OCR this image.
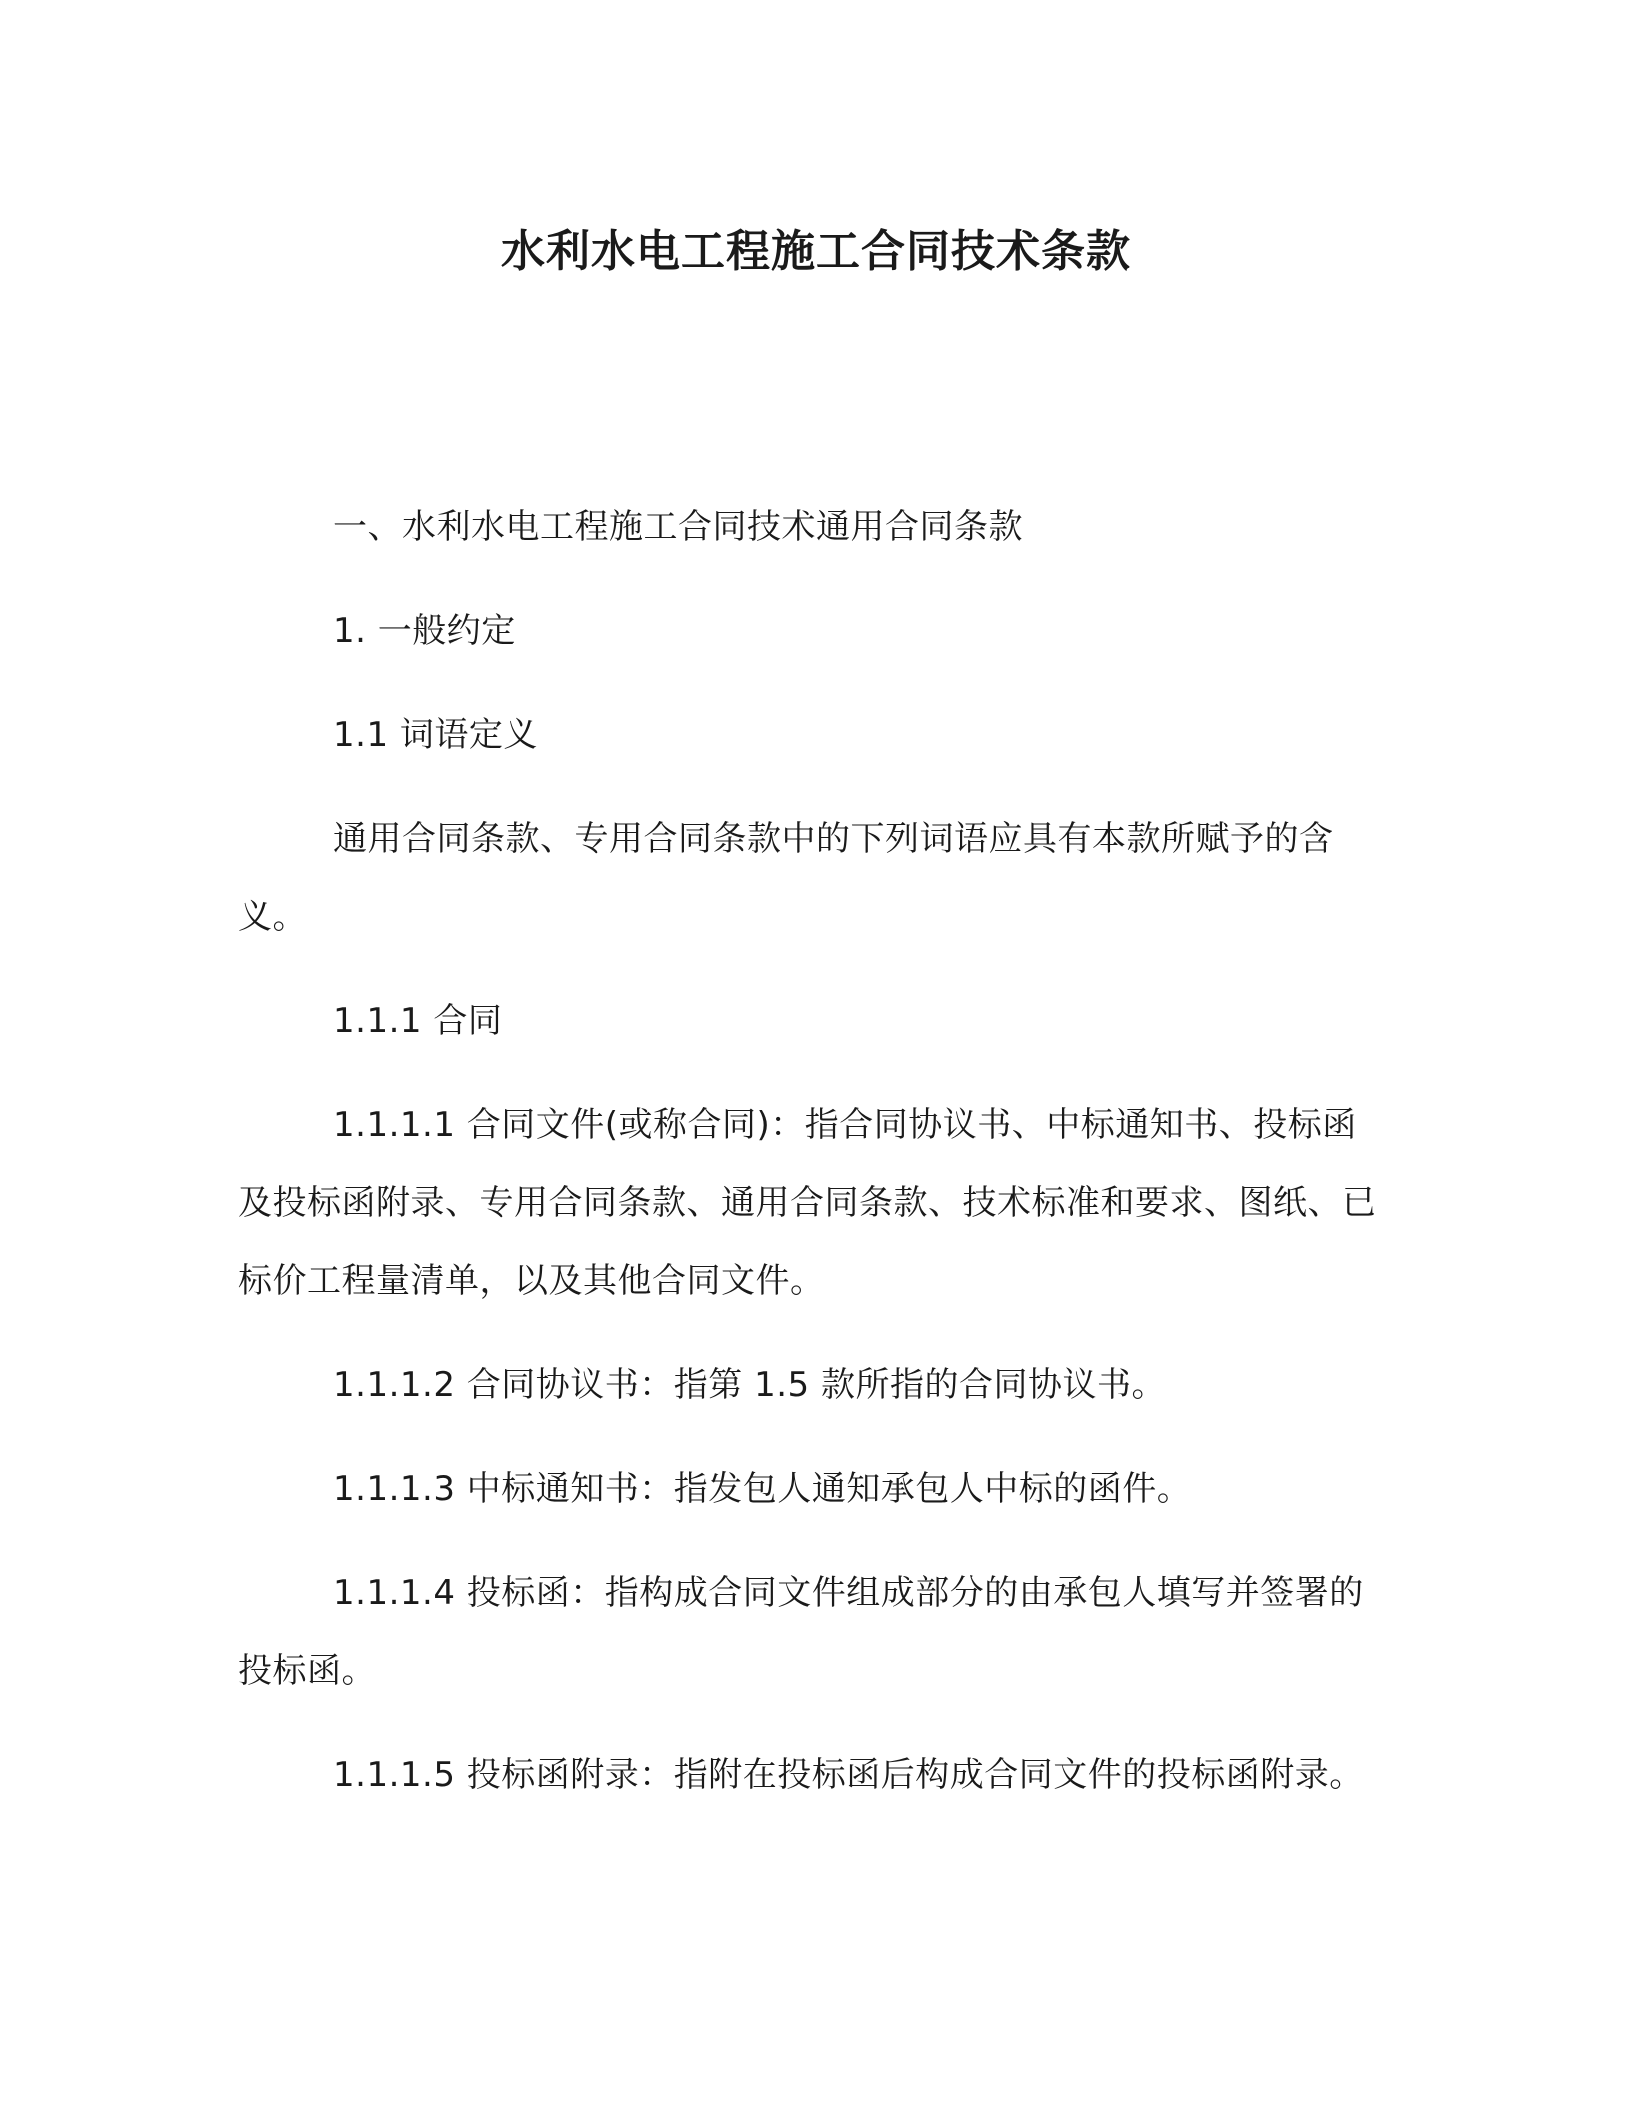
水利水电工程施工合同技术条款

一、水利水电工程施工合同技术通用合同条款

1. 一般约定

1.1 词语定义

通用合同条款、专用合同条款中的下列词语应具有本款所赋予的含义。

1.1.1 合同

1.1.1.1 合同文件(或称合同)：指合同协议书、中标通知书、投标函及投标函附录、专用合同条款、通用合同条款、技术标准和要求、图纸、已标价工程量清单，以及其他合同文件。

1.1.1.2 合同协议书：指第 1.5 款所指的合同协议书。

1.1.1.3 中标通知书：指发包人通知承包人中标的函件。

1.1.1.4 投标函：指构成合同文件组成部分的由承包人填写并签署的投标函。

1.1.1.5 投标函附录：指附在投标函后构成合同文件的投标函附录。
